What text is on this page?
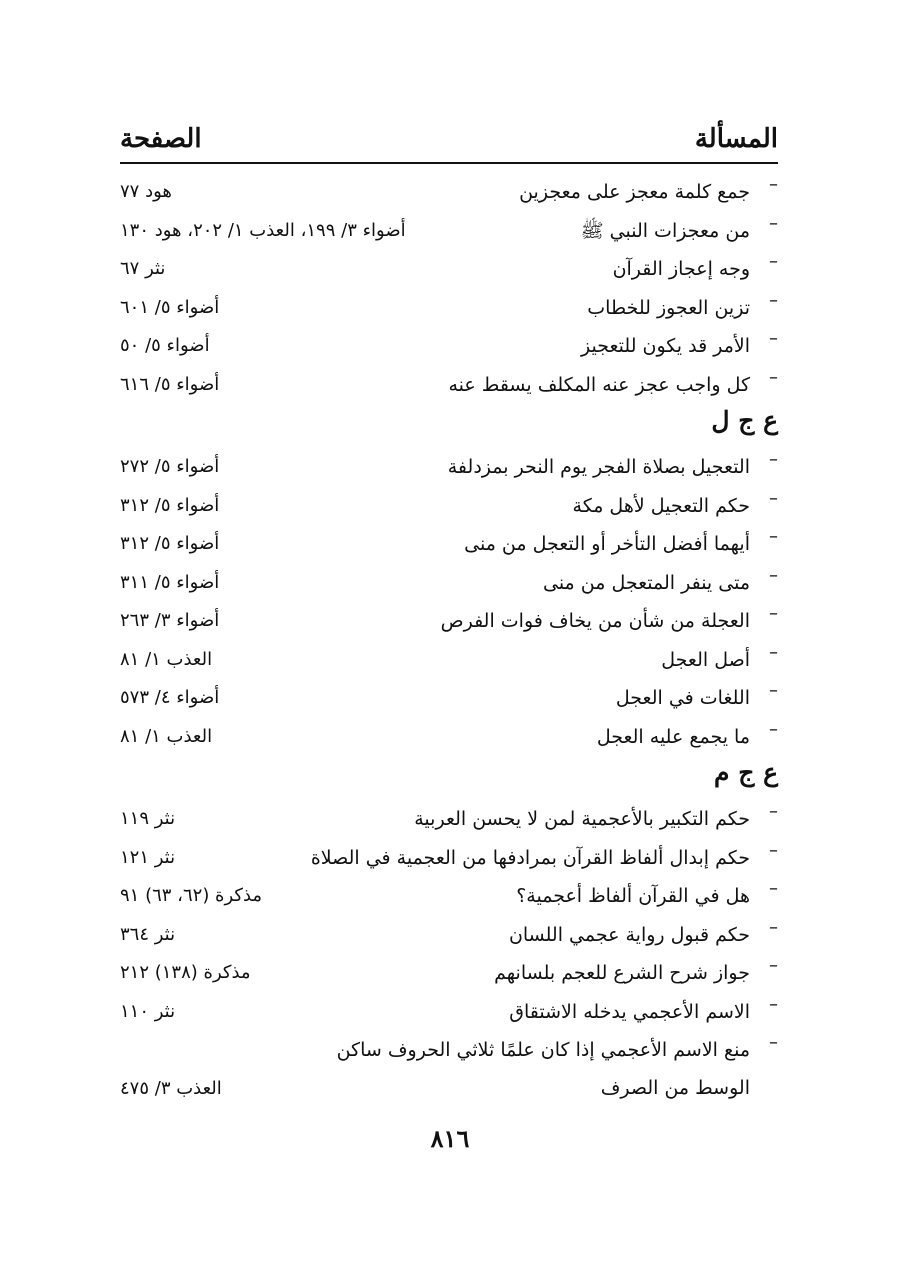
المسألة
الصفحة
–
جمع كلمة معجز على معجزين
هود ٧٧
–
من معجزات النبي ﷺ
أضواء ٣/ ١٩٩، العذب ١/ ٢٠٢، هود ١٣٠
–
وجه إعجاز القرآن
نثر ٦٧
–
تزين العجوز للخطاب
أضواء ٥/ ٦٠١
–
الأمر قد يكون للتعجيز
أضواء ٥/ ٥٠
–
كل واجب عجز عنه المكلف يسقط عنه
أضواء ٥/ ٦١٦
ع ج ل
–
التعجيل بصلاة الفجر يوم النحر بمزدلفة
أضواء ٥/ ٢٧٢
–
حكم التعجيل لأهل مكة
أضواء ٥/ ٣١٢
–
أيهما أفضل التأخر أو التعجل من منى
أضواء ٥/ ٣١٢
–
متى ينفر المتعجل من منى
أضواء ٥/ ٣١١
–
العجلة من شأن من يخاف فوات الفرص
أضواء ٣/ ٢٦٣
–
أصل العجل
العذب ١/ ٨١
–
اللغات في العجل
أضواء ٤/ ٥٧٣
–
ما يجمع عليه العجل
العذب ١/ ٨١
ع ج م
–
حكم التكبير بالأعجمية لمن لا يحسن العربية
نثر ١١٩
–
حكم إبدال ألفاظ القرآن بمرادفها من العجمية في الصلاة
نثر ١٢١
–
هل في القرآن ألفاظ أعجمية؟
مذكرة (٦٢، ٦٣) ٩١
–
حكم قبول رواية عجمي اللسان
نثر ٣٦٤
–
جواز شرح الشرع للعجم بلسانهم
مذكرة (١٣٨) ٢١٢
–
الاسم الأعجمي يدخله الاشتقاق
نثر ١١٠
–
منع الاسم الأعجمي إذا كان علمًا ثلاثي الحروف ساكن الوسط من الصرف
العذب ٣/ ٤٧٥
٨١٦
